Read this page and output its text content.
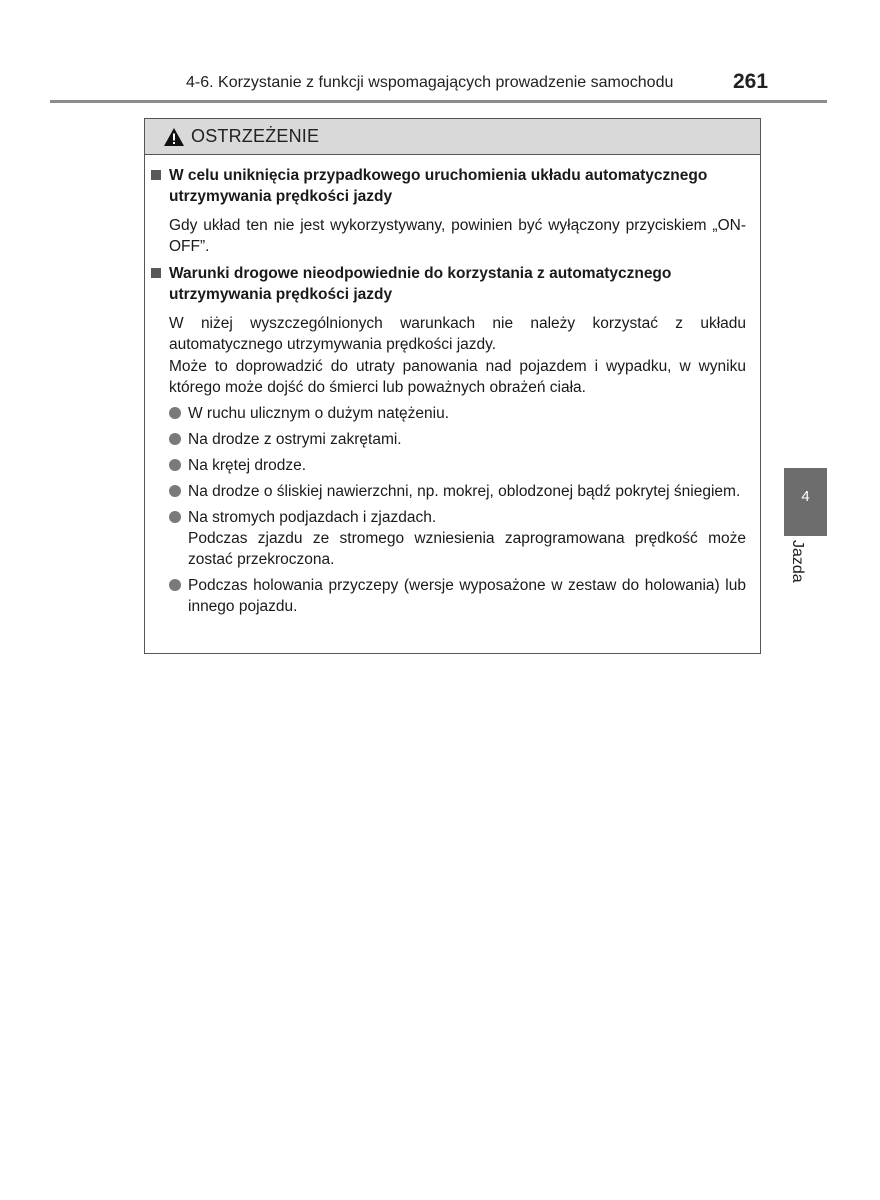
4-6. Korzystanie z funkcji wspomagających prowadzenie samochodu	261
OSTRZEŻENIE
W celu uniknięcia przypadkowego uruchomienia układu automatycznego utrzymywania prędkości jazdy

Gdy układ ten nie jest wykorzystywany, powinien być wyłączony przyciskiem „ON-OFF”.

Warunki drogowe nieodpowiednie do korzystania z automatycznego utrzymywania prędkości jazdy

W niżej wyszczególnionych warunkach nie należy korzystać z układu automatycznego utrzymywania prędkości jazdy.

Może to doprowadzić do utraty panowania nad pojazdem i wypadku, w wyniku którego może dojść do śmierci lub poważnych obrażeń ciała.

W ruchu ulicznym o dużym natężeniu.
Na drodze z ostrymi zakrętami.
Na krętej drodze.
Na drodze o śliskiej nawierzchni, np. mokrej, oblodzonej bądź pokrytej śniegiem.
Na stromych podjazdach i zjazdach.
Podczas zjazdu ze stromego wzniesienia zaprogramowana prędkość może zostać przekroczona.
Podczas holowania przyczepy (wersje wyposażone w zestaw do holowania) lub innego pojazdu.
4
Jazda
